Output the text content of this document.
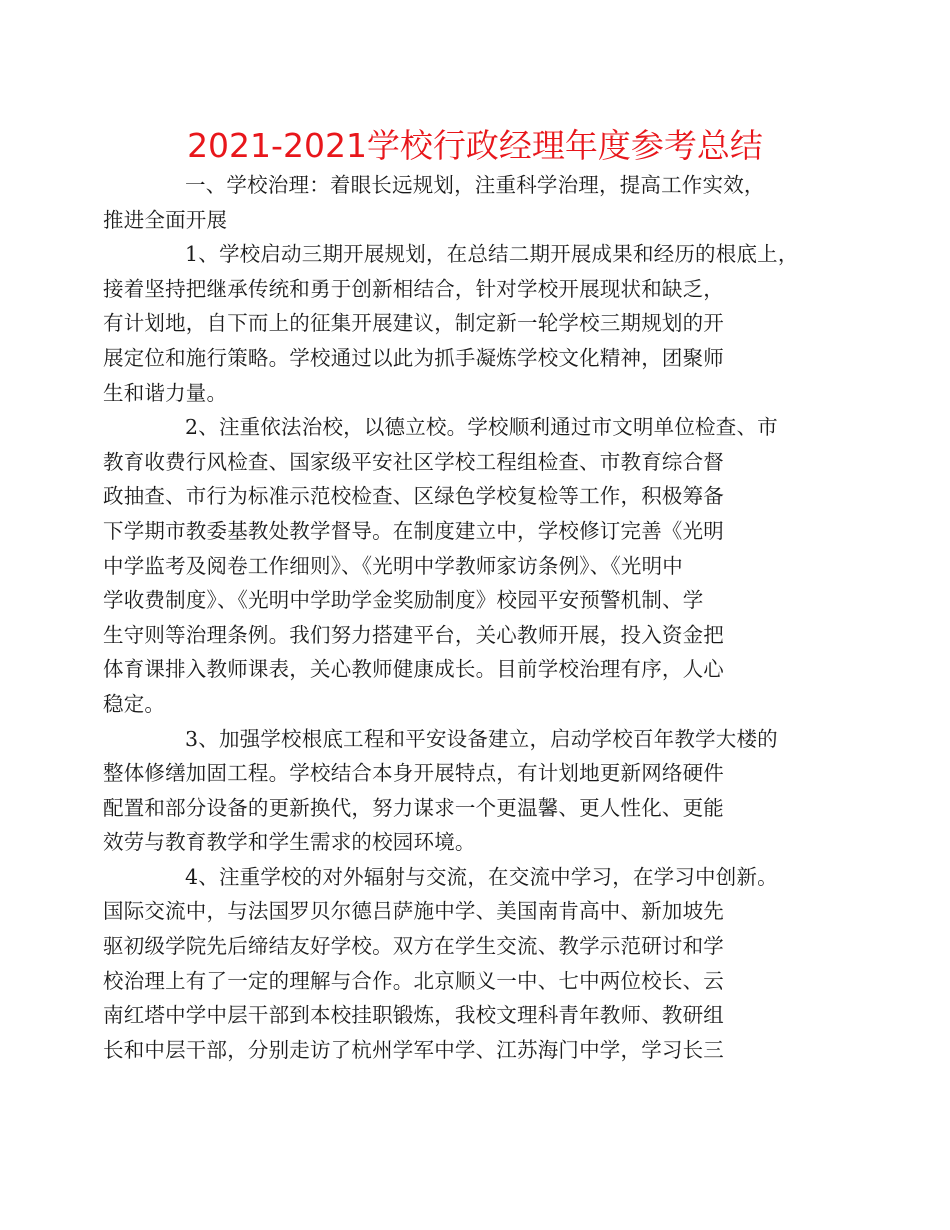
2021-2021学校行政经理年度参考总结

一、学校治理：着眼长远规划，注重科学治理，提高工作实效，
推进全面开展

1、学校启动三期开展规划，在总结二期开展成果和经历的根底上，
接着坚持把继承传统和勇于创新相结合，针对学校开展现状和缺乏，
有计划地，自下而上的征集开展建议，制定新一轮学校三期规划的开
展定位和施行策略。学校通过以此为抓手凝炼学校文化精神，团聚师
生和谐力量。

2、注重依法治校，以德立校。学校顺利通过市文明单位检查、市
教育收费行风检查、国家级平安社区学校工程组检查、市教育综合督
政抽查、市行为标准示范校检查、区绿色学校复检等工作，积极筹备
下学期市教委基教处教学督导。在制度建立中，学校修订完善《光明
中学监考及阅卷工作细则》、《光明中学教师家访条例》、《光明中
学收费制度》、《光明中学助学金奖励制度》校园平安预警机制、学
生守则等治理条例。我们努力搭建平台，关心教师开展，投入资金把
体育课排入教师课表，关心教师健康成长。目前学校治理有序，人心
稳定。

3、加强学校根底工程和平安设备建立，启动学校百年教学大楼的
整体修缮加固工程。学校结合本身开展特点，有计划地更新网络硬件
配置和部分设备的更新换代，努力谋求一个更温馨、更人性化、更能
效劳与教育教学和学生需求的校园环境。

4、注重学校的对外辐射与交流，在交流中学习，在学习中创新。
国际交流中，与法国罗贝尔德吕萨施中学、美国南肯高中、新加坡先
驱初级学院先后缔结友好学校。双方在学生交流、教学示范研讨和学
校治理上有了一定的理解与合作。北京顺义一中、七中两位校长、云
南红塔中学中层干部到本校挂职锻炼，我校文理科青年教师、教研组
长和中层干部，分别走访了杭州学军中学、江苏海门中学，学习长三
